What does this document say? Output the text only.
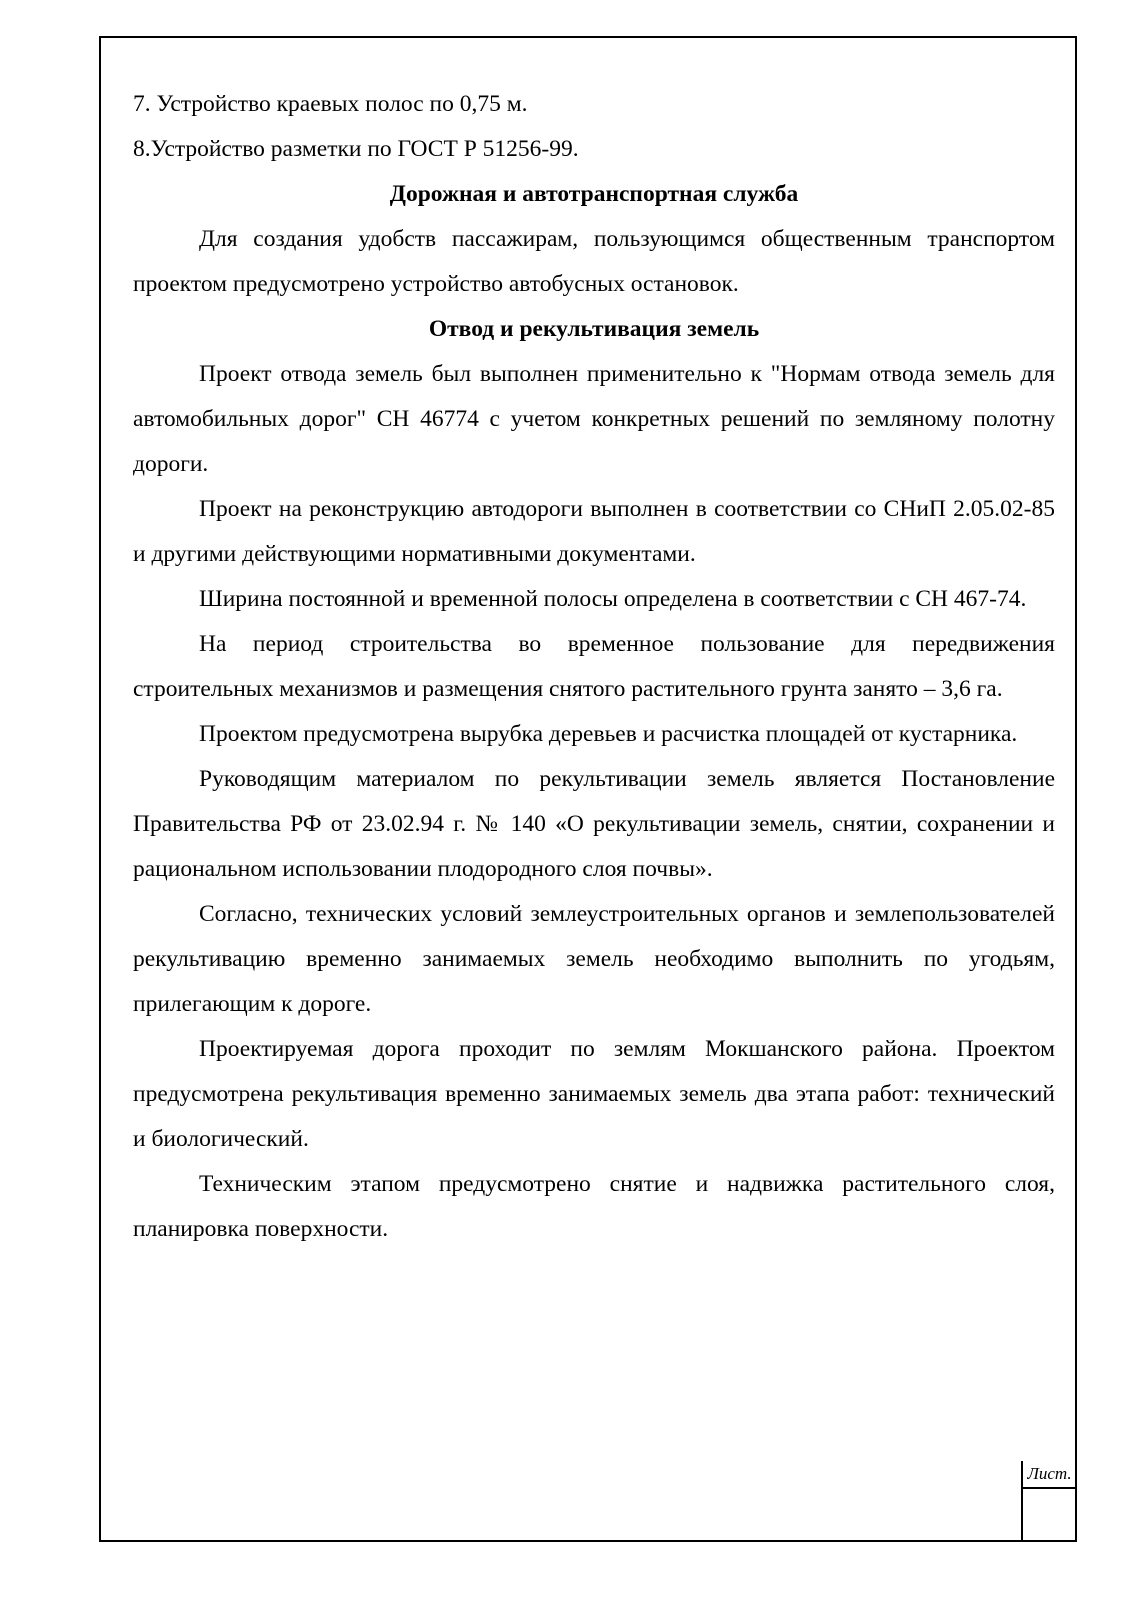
7. Устройство краевых полос по 0,75 м.

8.Устройство разметки по ГОСТ Р 51256-99.

Дорожная и автотранспортная служба

Для создания удобств пассажирам, пользующимся общественным транспортом проектом предусмотрено устройство автобусных остановок.

Отвод и рекультивация земель

Проект отвода земель был выполнен применительно к "Нормам отвода земель для автомобильных дорог" СН 46774 с учетом конкретных решений по земляному полотну дороги.

Проект на реконструкцию автодороги выполнен в соответствии со СНиП 2.05.02-85 и другими действующими нормативными документами.

Ширина постоянной и временной полосы определена в соответствии с СН 467-74.

На период строительства во временное пользование для передвижения строительных механизмов и размещения снятого растительного грунта занято – 3,6 га.

Проектом предусмотрена вырубка деревьев и расчистка площадей от кустарника.

Руководящим материалом по рекультивации земель является Постановление Правительства РФ от 23.02.94 г. № 140 «О рекультивации земель, снятии, сохранении и рациональном использовании плодородного слоя почвы».

Согласно, технических условий землеустроительных органов и землепользователей рекультивацию временно занимаемых земель необходимо выполнить по угодьям, прилегающим к дороге.

Проектируемая дорога проходит по землям Мокшанского района. Проектом предусмотрена рекультивация временно занимаемых земель два этапа работ: технический и биологический.

Техническим этапом предусмотрено снятие и надвижка растительного слоя, планировка поверхности.

Лист.
